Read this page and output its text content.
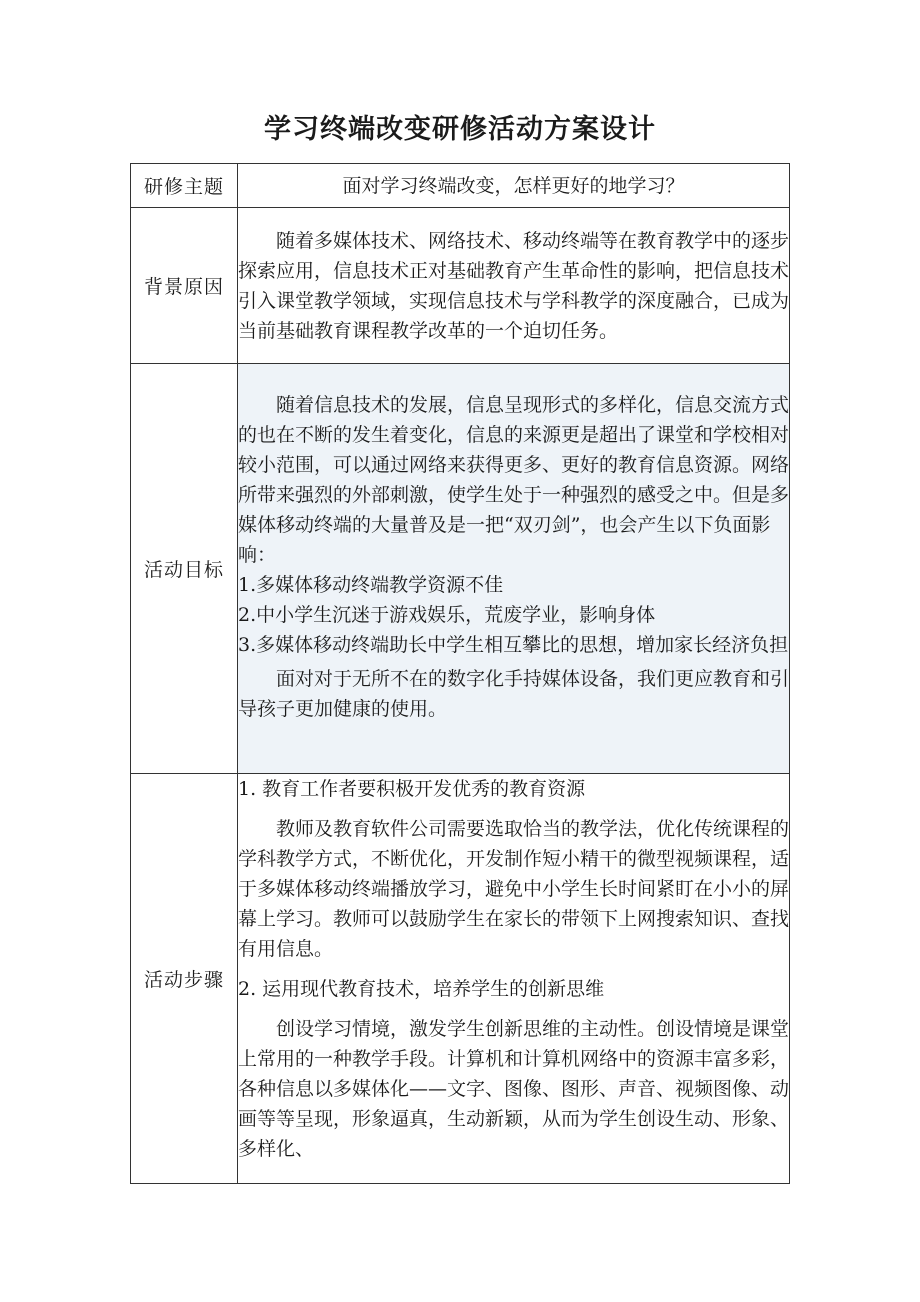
学习终端改变研修活动方案设计
研修主题	面对学习终端改变，怎样更好的地学习？

背景原因	随着多媒体技术、网络技术、移动终端等在教育教学中的逐步探索应用，信息技术正对基础教育产生革命性的影响，把信息技术引入课堂教学领域，实现信息技术与学科教学的深度融合，已成为当前基础教育课程教学改革的一个迫切任务。

活动目标	随着信息技术的发展，信息呈现形式的多样化，信息交流方式的也在不断的发生着变化，信息的来源更是超出了课堂和学校相对较小范围，可以通过网络来获得更多、更好的教育信息资源。网络所带来强烈的外部刺激，使学生处于一种强烈的感受之中。但是多媒体移动终端的大量普及是一把“双刃剑”，也会产生以下负面影响：

1.多媒体移动终端教学资源不佳

2.中小学生沉迷于游戏娱乐，荒废学业，影响身体

3.多媒体移动终端助长中学生相互攀比的思想，增加家长经济负担

面对对于无所不在的数字化手持媒体设备，我们更应教育和引导孩子更加健康的使用。

活动步骤	1. 教育工作者要积极开发优秀的教育资源

教师及教育软件公司需要选取恰当的教学法，优化传统课程的学科教学方式，不断优化，开发制作短小精干的微型视频课程，适于多媒体移动终端播放学习，避免中小学生长时间紧盯在小小的屏幕上学习。教师可以鼓励学生在家长的带领下上网搜索知识、查找有用信息。

2. 运用现代教育技术，培养学生的创新思维

创设学习情境，激发学生创新思维的主动性。创设情境是课堂上常用的一种教学手段。计算机和计算机网络中的资源丰富多彩，各种信息以多媒体化——文字、图像、图形、声音、视频图像、动画等等呈现，形象逼真，生动新颖，从而为学生创设生动、形象、多样化、
